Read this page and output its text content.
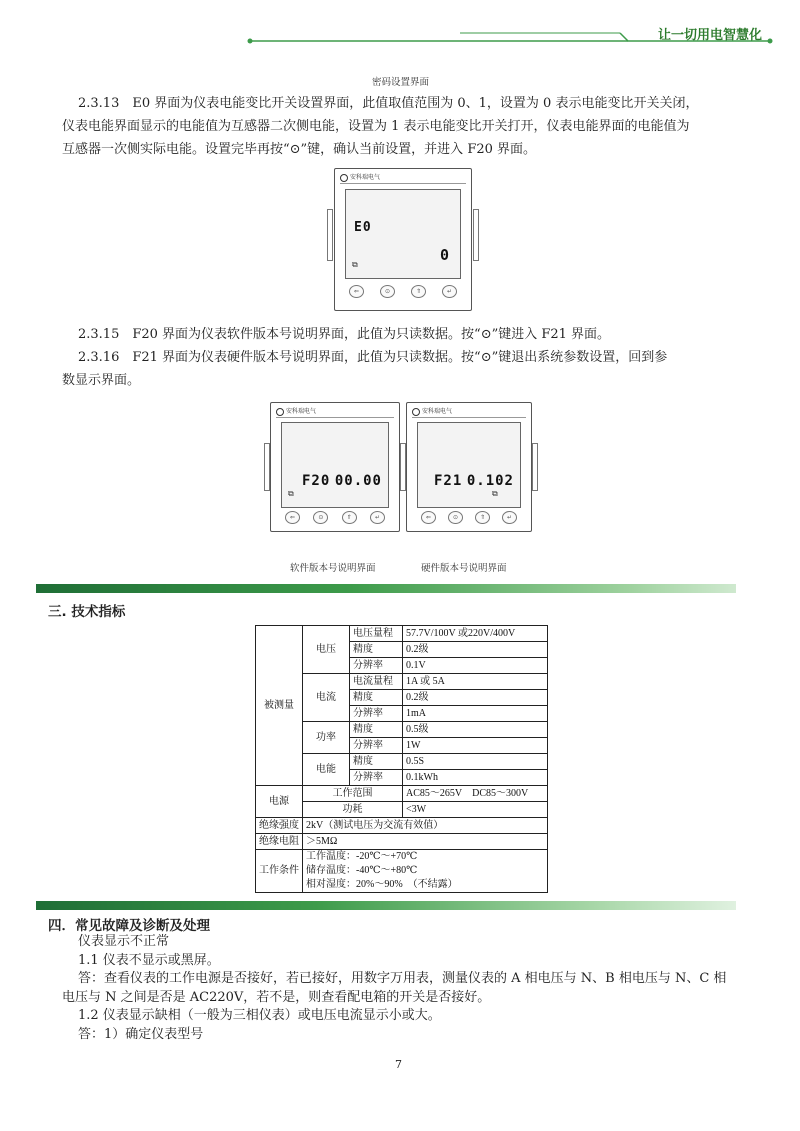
让一切用电智慧化
密码设置界面

2.3.13　E0 界面为仪表电能变比开关设置界面，此值取值范围为 0、1，设置为 0 表示电能变比开关关闭，

仪表电能界面显示的电能值为互感器二次侧电能，设置为 1 表示电能变比开关打开，仪表电能界面的电能值为

互感器一次侧实际电能。设置完毕再按“⊙”键，确认当前设置，并进入 F20 界面。

安科瑞电气
E0
0
⧉
⇐	⊙	⇑	↵

2.3.15　F20 界面为仪表软件版本号说明界面，此值为只读数据。按“⊙”键进入 F21 界面。

2.3.16　F21 界面为仪表硬件版本号说明界面，此值为只读数据。按“⊙”键退出系统参数设置，回到参

数显示界面。

安科瑞电气
F20 00.00
⧉
⇐	⊙	⇑	↵
安科瑞电气
F21 0.102
⧉
⇐	⊙	⇑	↵
软件版本号说明界面	硬件版本号说明界面
三. 技术指标
被测量	电压	电压量程	57.7V/100V 或220V/400V
		精度	0.2级
		分辨率	0.1V
	电流	电流量程	1A 或 5A
		精度	0.2级
		分辨率	1mA
	功率	精度	0.5级
		分辨率	1W
	电能	精度	0.5S
		分辨率	0.1kWh
电源	工作范围		AC85～265V DC85～300V
	功耗		<3W
绝缘强度	2kV（测试电压为交流有效值）		
绝缘电阻	＞5MΩ		
工作条件	工作温度：-20℃～+70℃
储存温度：-40℃～+80℃
相对湿度：20%～90%　（不结露）		
四．常见故障及诊断及处理

仪表显示不正常

1.1 仪表不显示或黑屏。

答：查看仪表的工作电源是否接好，若已接好，用数字万用表，测量仪表的 A 相电压与 N、B 相电压与 N、C 相

电压与 N 之间是否是 AC220V，若不是，则查看配电箱的开关是否接好。

1.2 仪表显示缺相（一般为三相仪表）或电压电流显示小或大。

答：1）确定仪表型号

7
